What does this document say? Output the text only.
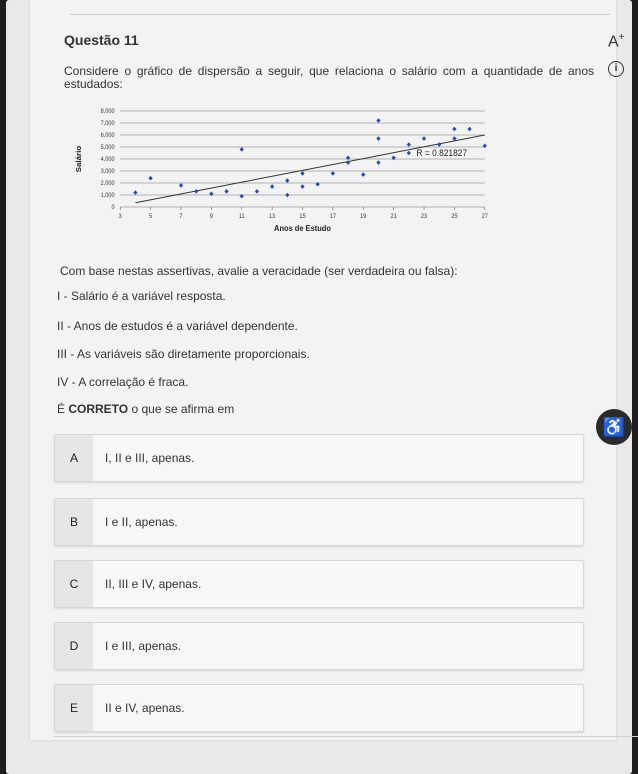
Questão 11	A+
i
Considere o gráfico de dispersão a seguir, que relaciona o salário com a quantidade de anos estudados:
0
1,000
2,000
3,000
4,000
5,000
6,000
7,000
8,000
3	5	7	9	11	13	15	17	19	21	23	25	27
Anos de Estudo
Salário	R = 0.821827
Com base nestas assertivas, avalie a veracidade (ser verdadeira ou falsa):
I - Salário é a variável resposta.
II - Anos de estudos é a variável dependente.
III - As variáveis são diretamente proporcionais.
IV - A correlação é fraca.
É CORRETO o que se afirma em
A	I, II e III, apenas.
B	I e II, apenas.
C	II, III e IV, apenas.
D	I e III, apenas.
E	II e IV, apenas.
♿
